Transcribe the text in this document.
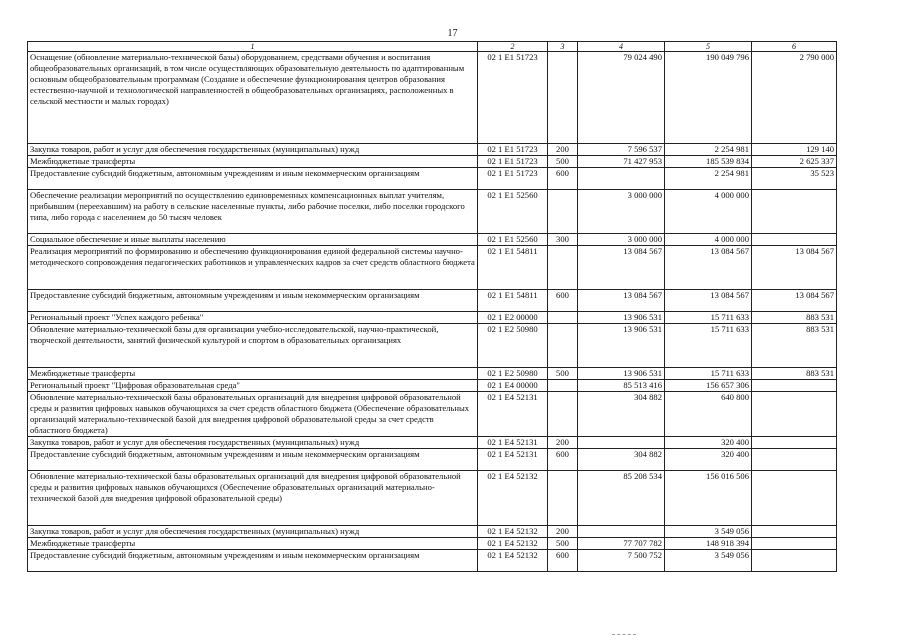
17
1	2	3	4	5	6
Оснащение (обновление материально-технической базы) оборудованием, средствами обучения и воспитания общеобразовательных организаций, в том числе осуществляющих образовательную деятельность по адаптированным основным общеобразовательным программам (Создание и обеспечение функционирования центров образования естественно-научной и технологической направленностей в общеобразовательных организациях, расположенных в сельской местности и малых городах)	02 1 E1 51723		79 024 490	190 049 796	2 790 000
Закупка товаров, работ и услуг для обеспечения государственных (муниципальных) нужд	02 1 E1 51723	200	7 596 537	2 254 981	129 140
Межбюджетные трансферты	02 1 E1 51723	500	71 427 953	185 539 834	2 625 337
Предоставление субсидий бюджетным, автономным учреждениям и иным некоммерческим организациям	02 1 E1 51723	600		2 254 981	35 523
Обеспечение реализации мероприятий по осуществлению единовременных компенсационных выплат учителям, прибывшим (переехавшим) на работу в сельские населенные пункты, либо рабочие поселки, либо поселки городского типа, либо города с населением до 50 тысяч человек	02 1 E1 52560		3 000 000	4 000 000	
Социальное обеспечение и иные выплаты населению	02 1 E1 52560	300	3 000 000	4 000 000	
Реализация мероприятий по формированию и обеспечению функционирования единой федеральной системы научно-методического сопровождения педагогических работников и управленческих кадров за счет средств областного бюджета	02 1 E1 54811		13 084 567	13 084 567	13 084 567
Предоставление субсидий бюджетным, автономным учреждениям и иным некоммерческим организациям	02 1 E1 54811	600	13 084 567	13 084 567	13 084 567
Региональный проект "Успех каждого ребенка"	02 1 E2 00000		13 906 531	15 711 633	883 531
Обновление материально-технической базы для организации учебно-исследовательской, научно-практической, творческой деятельности, занятий физической культурой и спортом в образовательных организациях	02 1 E2 50980		13 906 531	15 711 633	883 531
Межбюджетные трансферты	02 1 E2 50980	500	13 906 531	15 711 633	883 531
Региональный проект "Цифровая образовательная среда"	02 1 E4 00000		85 513 416	156 657 306	
Обновление материально-технической базы образовательных организаций для внедрения цифровой образовательной среды и развития цифровых навыков обучающихся за счет средств областного бюджета (Обеспечение образовательных организаций материально-технической базой для внедрения цифровой образовательной среды за счет средств областного бюджета)	02 1 E4 52131		304 882	640 800	
Закупка товаров, работ и услуг для обеспечения государственных (муниципальных) нужд	02 1 E4 52131	200		320 400	
Предоставление субсидий бюджетным, автономным учреждениям и иным некоммерческим организациям	02 1 E4 52131	600	304 882	320 400	
Обновление материально-технической базы образовательных организаций для внедрения цифровой образовательной среды и развития цифровых навыков обучающихся (Обеспечение образовательных организаций материально-технической базой для внедрения цифровой образовательной среды)	02 1 E4 52132		85 208 534	156 016 506	
Закупка товаров, работ и услуг для обеспечения государственных (муниципальных) нужд	02 1 E4 52132	200		3 549 056	
Межбюджетные трансферты	02 1 E4 52132	500	77 707 782	148 918 394	
Предоставление субсидий бюджетным, автономным учреждениям и иным некоммерческим организациям	02 1 E4 52132	600	7 500 752	3 549 056	
